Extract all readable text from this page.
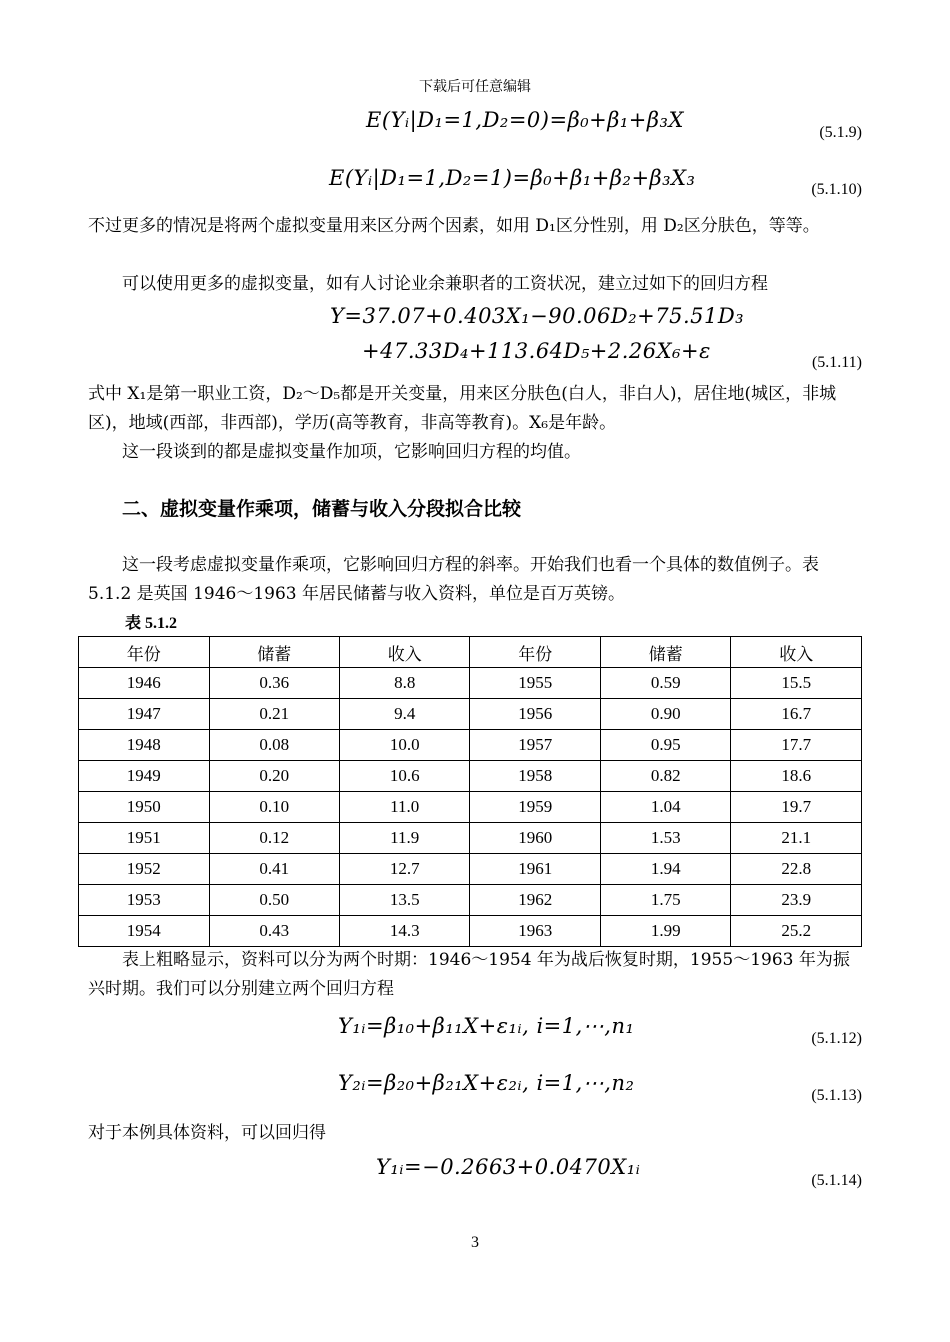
下载后可任意编辑
E(Yᵢ|D₁=1,D₂=0)=β₀+β₁+β₃X
(5.1.9)
E(Yᵢ|D₁=1,D₂=1)=β₀+β₁+β₂+β₃X₃	(5.1.10)
不过更多的情况是将两个虚拟变量用来区分两个因素，如用 D₁区分性别，用 D₂区分肤色，等等。
可以使用更多的虚拟变量，如有人讨论业余兼职者的工资状况，建立过如下的回归方程
Y=37.07+0.403X₁−90.06D₂+75.51D₃
+47.33D₄+113.64D₅+2.26X₆+ε	(5.1.11)
式中 X₁是第一职业工资，D₂～D₅都是开关变量，用来区分肤色(白人，非白人)，居住地(城区，非城区)，地域(西部，非西部)，学历(高等教育，非高等教育)。X₆是年龄。
这一段谈到的都是虚拟变量作加项，它影响回归方程的均值。
二、虚拟变量作乘项，储蓄与收入分段拟合比较
这一段考虑虚拟变量作乘项，它影响回归方程的斜率。开始我们也看一个具体的数值例子。表 5.1.2 是英国 1946～1963 年居民储蓄与收入资料，单位是百万英镑。
表 5.1.2
年份	储蓄	收入	年份	储蓄	收入
1946	0.36	8.8	1955	0.59	15.5
1947	0.21	9.4	1956	0.90	16.7
1948	0.08	10.0	1957	0.95	17.7
1949	0.20	10.6	1958	0.82	18.6
1950	0.10	11.0	1959	1.04	19.7
1951	0.12	11.9	1960	1.53	21.1
1952	0.41	12.7	1961	1.94	22.8
1953	0.50	13.5	1962	1.75	23.9
1954	0.43	14.3	1963	1.99	25.2
表上粗略显示，资料可以分为两个时期：1946～1954 年为战后恢复时期，1955～1963 年为振兴时期。我们可以分别建立两个回归方程
Y₁ᵢ=β₁₀+β₁₁X+ε₁ᵢ, i=1,⋯,n₁
(5.1.12)
Y₂ᵢ=β₂₀+β₂₁X+ε₂ᵢ, i=1,⋯,n₂
(5.1.13)
对于本例具体资料，可以回归得
Y₁ᵢ=−0.2663+0.0470X₁ᵢ
(5.1.14)
3
